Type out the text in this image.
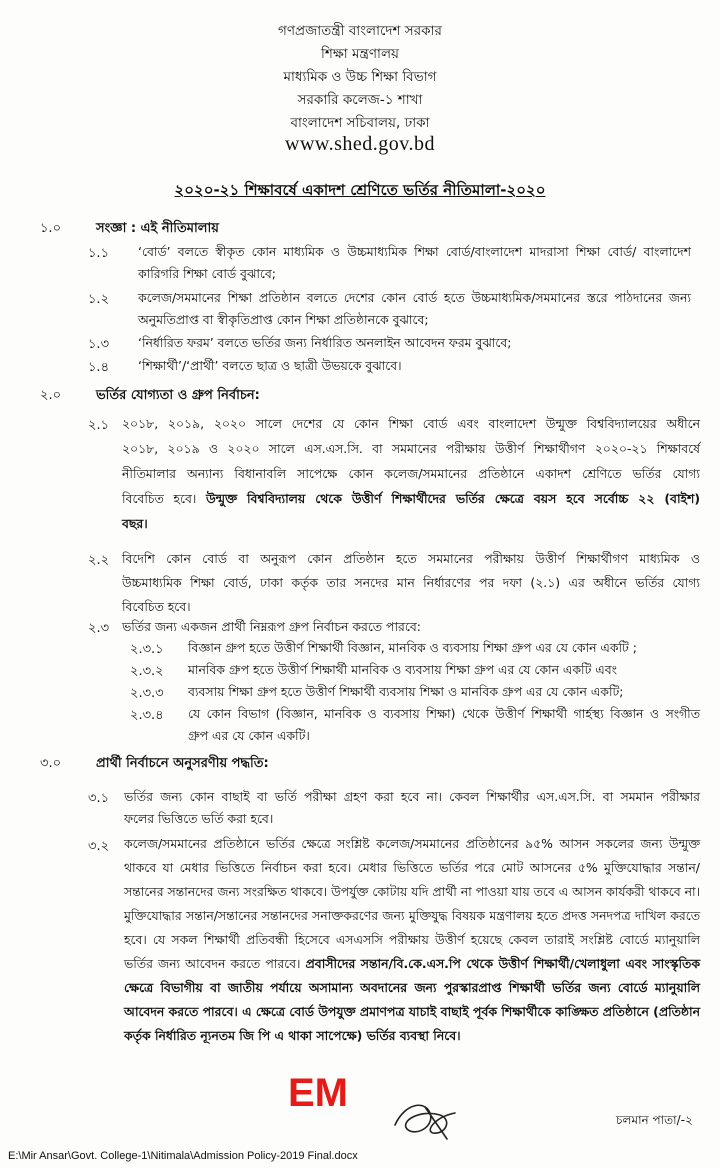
গণপ্রজাতন্ত্রী বাংলাদেশ সরকার
শিক্ষা মন্ত্রণালয়
মাধ্যমিক ও উচ্চ শিক্ষা বিভাগ
সরকারি কলেজ-১ শাখা
বাংলাদেশ সচিবালয়, ঢাকা
www.shed.gov.bd
২০২০-২১ শিক্ষাবর্ষে একাদশ শ্রেণিতে ভর্তির নীতিমালা-২০২০
১.০	সংজ্ঞা : এই নীতিমালায়
১.১ ‘বোর্ড’ বলতে স্বীকৃত কোন মাধ্যমিক ও উচ্চমাধ্যমিক শিক্ষা বোর্ড/বাংলাদেশ মাদরাসা শিক্ষা বোর্ড/ বাংলাদেশ
কারিগরি শিক্ষা বোর্ড বুঝাবে;
১.২ কলেজ/সমমানের শিক্ষা প্রতিষ্ঠান বলতে দেশের কোন বোর্ড হতে উচ্চমাধ্যমিক/সমমানের স্তরে পাঠদানের জন্য
অনুমতিপ্রাপ্ত বা স্বীকৃতিপ্রাপ্ত কোন শিক্ষা প্রতিষ্ঠানকে বুঝাবে;
১.৩ ‘নির্ধারিত ফরম’ বলতে ভর্তির জন্য নির্ধারিত অনলাইন আবেদন ফরম বুঝাবে;
১.৪ ‘শিক্ষার্থী’/‘প্রার্থী’ বলতে ছাত্র ও ছাত্রী উভয়কে বুঝাবে।
২.০	ভর্তির যোগ্যতা ও গ্রুপ নির্বাচন:
২.১ ২০১৮, ২০১৯, ২০২০ সালে দেশের যে কোন শিক্ষা বোর্ড এবং বাংলাদেশ উন্মুক্ত বিশ্ববিদ্যালয়ের অধীনে
২০১৮, ২০১৯ ও ২০২০ সালে এস.এস.সি. বা সমমানের পরীক্ষায় উত্তীর্ণ শিক্ষার্থীগণ ২০২০-২১ শিক্ষাবর্ষে
নীতিমালার অন্যান্য বিধানাবলি সাপেক্ষে কোন কলেজ/সমমানের প্রতিষ্ঠানে একাদশ শ্রেণিতে ভর্তির যোগ্য
বিবেচিত হবে। উন্মুক্ত বিশ্ববিদ্যালয় থেকে উত্তীর্ণ শিক্ষার্থীদের ভর্তির ক্ষেত্রে বয়স হবে সর্বোচ্চ ২২ (বাইশ)
বছর।
২.২ বিদেশি কোন বোর্ড বা অনুরূপ কোন প্রতিষ্ঠান হতে সমমানের পরীক্ষায় উত্তীর্ণ শিক্ষার্থীগণ মাধ্যমিক ও
উচ্চমাধ্যমিক শিক্ষা বোর্ড, ঢাকা কর্তৃক তার সনদের মান নির্ধারণের পর দফা (২.১) এর অধীনে ভর্তির যোগ্য
বিবেচিত হবে।
২.৩ ভর্তির জন্য একজন প্রার্থী নিম্নরূপ গ্রুপ নির্বাচন করতে পারবে:
২.৩.১ বিজ্ঞান গ্রুপ হতে উত্তীর্ণ শিক্ষার্থী বিজ্ঞান, মানবিক ও ব্যবসায় শিক্ষা গ্রুপ এর যে কোন একটি ;
২.৩.২ মানবিক গ্রুপ হতে উত্তীর্ণ শিক্ষার্থী মানবিক ও ব্যবসায় শিক্ষা গ্রুপ এর যে কোন একটি এবং
২.৩.৩ ব্যবসায় শিক্ষা গ্রুপ হতে উত্তীর্ণ শিক্ষার্থী ব্যবসায় শিক্ষা ও মানবিক গ্রুপ এর যে কোন একটি;
২.৩.৪ যে কোন বিভাগ (বিজ্ঞান, মানবিক ও ব্যবসায় শিক্ষা) থেকে উত্তীর্ণ শিক্ষার্থী গার্হস্থ্য বিজ্ঞান ও সংগীত
গ্রুপ এর যে কোন একটি।
৩.০	প্রার্থী নির্বাচনে অনুসরণীয় পদ্ধতি:
৩.১ ভর্তির জন্য কোন বাছাই বা ভর্তি পরীক্ষা গ্রহণ করা হবে না। কেবল শিক্ষার্থীর এস.এস.সি. বা সমমান পরীক্ষার
ফলের ভিত্তিতে ভর্তি করা হবে।
৩.২ কলেজ/সমমানের প্রতিষ্ঠানে ভর্তির ক্ষেত্রে সংশ্লিষ্ট কলেজ/সমমানের প্রতিষ্ঠানের ৯৫% আসন সকলের জন্য উন্মুক্ত থাকবে যা মেধার ভিত্তিতে নির্বাচন করা হবে। মেধার ভিত্তিতে ভর্তির পরে মোট আসনের ৫% মুক্তিযোদ্ধার সন্তান/সন্তানের সন্তানদের জন্য সংরক্ষিত থাকবে। উপর্যুক্ত কোটায় যদি প্রার্থী না পাওয়া যায় তবে এ আসন কার্যকরী থাকবে না। মুক্তিযোদ্ধার সন্তান/সন্তানের সন্তানদের সনাক্তকরণের জন্য মুক্তিযুদ্ধ বিষয়ক মন্ত্রণালয় হতে প্রদত্ত সনদপত্র দাখিল করতে হবে। যে সকল শিক্ষার্থী প্রতিবন্ধী হিসেবে এসএসসি পরীক্ষায় উত্তীর্ণ হয়েছে কেবল তারাই সংশ্লিষ্ট বোর্ডে ম্যানুয়ালি ভর্তির জন্য আবেদন করতে পারবে। প্রবাসীদের সন্তান/বি.কে.এস.পি থেকে উত্তীর্ণ শিক্ষার্থী/খেলাধুলা এবং সাংস্কৃতিক ক্ষেত্রে বিভাগীয় বা জাতীয় পর্যায়ে অসামান্য অবদানের জন্য পুরস্কারপ্রাপ্ত শিক্ষার্থী ভর্তির জন্য বোর্ডে ম্যানুয়ালি আবেদন করতে পারবে। এ ক্ষেত্রে বোর্ড উপযুক্ত প্রমাণপত্র যাচাই বাছাই পূর্বক শিক্ষার্থীকে কাঙ্ক্ষিত প্রতিষ্ঠানে (প্রতিষ্ঠান কর্তৃক নির্ধারিত ন্যূনতম জি পি এ থাকা সাপেক্ষে) ভর্তির ব্যবস্থা নিবে।
EM
চলমান পাতা/-২
E:\Mir Ansar\Govt. College-1\Nitimala\Admission Policy-2019 Final.docx
